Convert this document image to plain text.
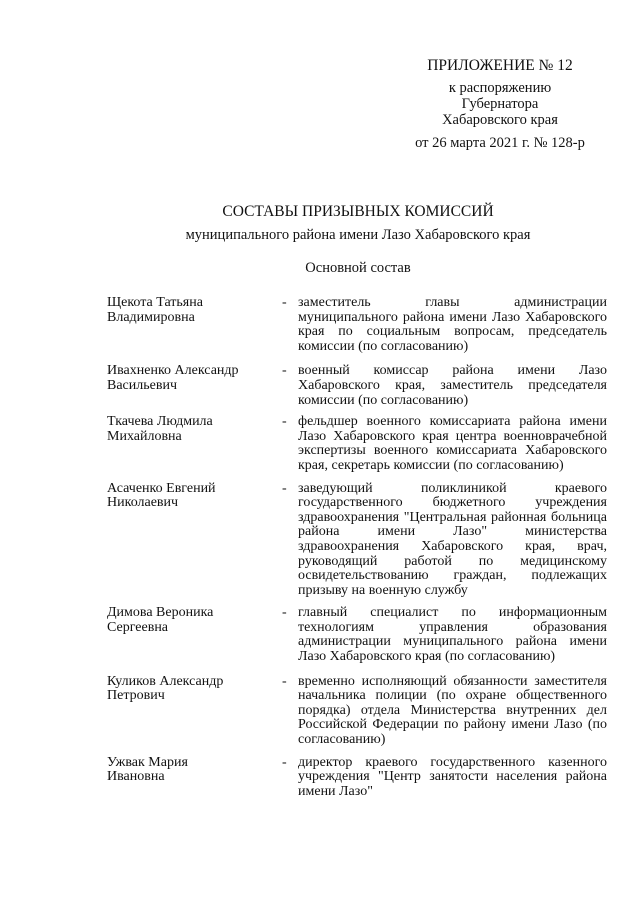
ПРИЛОЖЕНИЕ № 12
к распоряжению
Губернатора
Хабаровского края
от 26 марта 2021 г. № 128-р
СОСТАВЫ ПРИЗЫВНЫХ КОМИССИЙ
муниципального района имени Лазо Хабаровского края
Основной состав
Щекота Татьяна
Владимировна
- заместитель главы администрации муниципального района имени Лазо Хабаровского края по социальным вопросам, председатель комиссии (по согласованию)
Ивахненко Александр
Васильевич
- военный комиссар района имени Лазо Хабаровского края, заместитель председателя комиссии (по согласованию)
Ткачева Людмила
Михайловна
- фельдшер военного комиссариата района имени Лазо Хабаровского края центра военноврачебной экспертизы военного комиссариата Хабаровского края, секретарь комиссии (по согласованию)
Асаченко Евгений
Николаевич
- заведующий поликлиникой краевого государственного бюджетного учреждения здравоохранения "Центральная районная больница района имени Лазо" министерства здравоохранения Хабаровского края, врач, руководящий работой по медицинскому освидетельствованию граждан, подлежащих призыву на военную службу
Димова Вероника
Сергеевна
- главный специалист по информационным технологиям управления образования администрации муниципального района имени Лазо Хабаровского края (по согласованию)
Куликов Александр
Петрович
- временно исполняющий обязанности заместителя начальника полиции (по охране общественного порядка) отдела Министерства внутренних дел Российской Федерации по району имени Лазо (по согласованию)
Ужвак Мария
Ивановна
- директор краевого государственного казенного учреждения "Центр занятости населения района имени Лазо"
